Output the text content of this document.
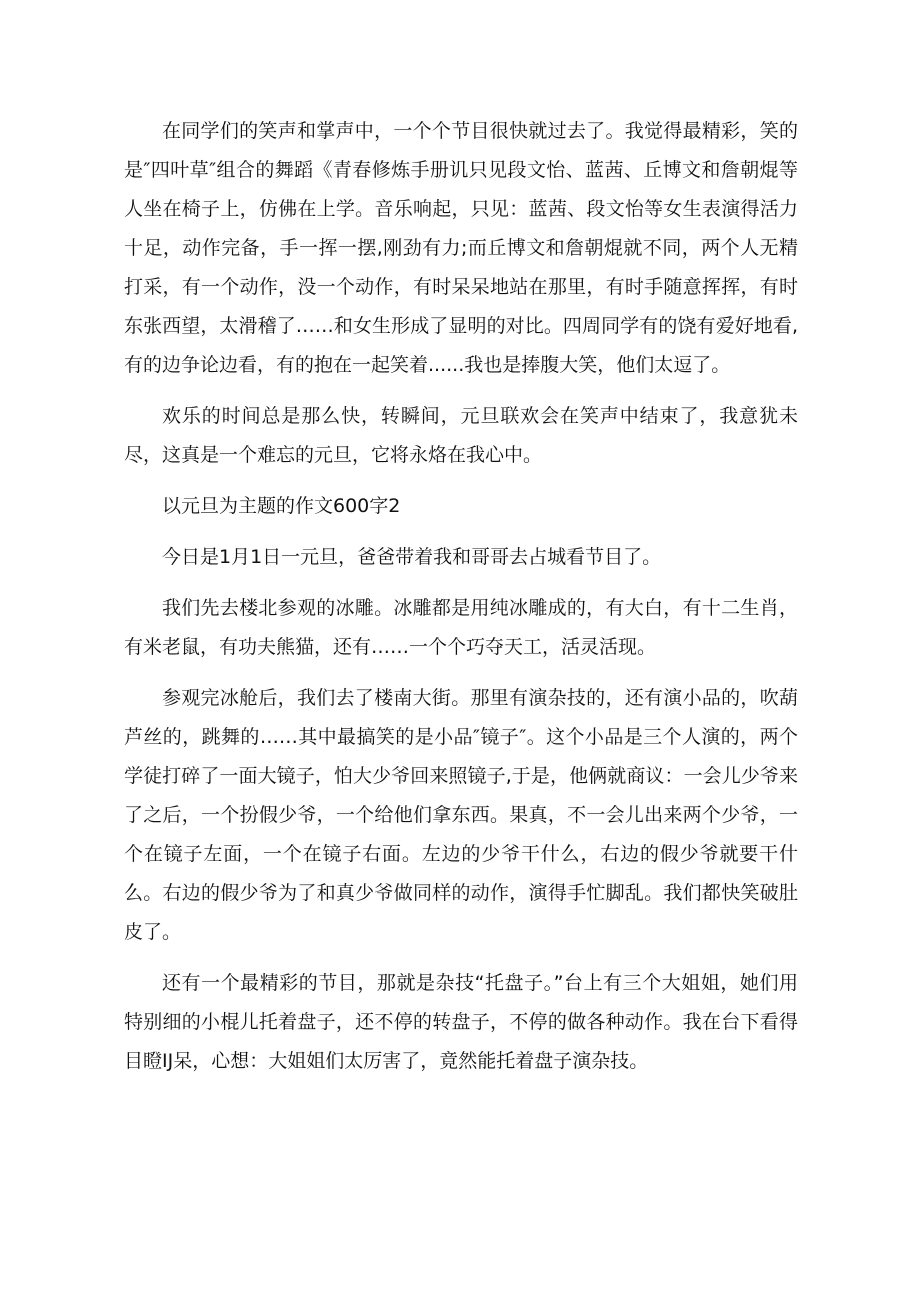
在同学们的笑声和掌声中，一个个节目很快就过去了。我觉得最精彩，笑的是″四叶草″组合的舞蹈《青春修炼手册讥只见段文怡、蓝茜、丘博文和詹朝焜等人坐在椅子上，仿佛在上学。音乐响起，只见：蓝茜、段文怡等女生表演得活力十足，动作完备，手一挥一摆,刚劲有力;而丘博文和詹朝焜就不同，两个人无精打采，有一个动作，没一个动作，有时呆呆地站在那里，有时手随意挥挥，有时东张西望，太滑稽了……和女生形成了显明的对比。四周同学有的饶有爱好地看,有的边争论边看，有的抱在一起笑着......我也是捧腹大笑，他们太逗了。

欢乐的时间总是那么快，转瞬间，元旦联欢会在笑声中结束了，我意犹未尽，这真是一个难忘的元旦，它将永烙在我心中。

以元旦为主题的作文600字2

今日是1月1日一元旦，爸爸带着我和哥哥去占城看节目了。

我们先去楼北参观的冰雕。冰雕都是用纯冰雕成的，有大白，有十二生肖，有米老鼠，有功夫熊猫，还有……一个个巧夺天工，活灵活现。

参观完冰舱后，我们去了楼南大街。那里有演杂技的，还有演小品的，吹葫芦丝的，跳舞的……其中最搞笑的是小品″镜子″。这个小品是三个人演的，两个学徒打碎了一面大镜子，怕大少爷回来照镜子,于是，他俩就商议：一会儿少爷来了之后，一个扮假少爷，一个给他们拿东西。果真，不一会儿出来两个少爷，一个在镜子左面，一个在镜子右面。左边的少爷干什么，右边的假少爷就要干什么。右边的假少爷为了和真少爷做同样的动作，演得手忙脚乱。我们都快笑破肚皮了。

还有一个最精彩的节目，那就是杂技“托盘子。”台上有三个大姐姐，她们用特别细的小棍儿托着盘子，还不停的转盘子，不停的做各种动作。我在台下看得目瞪IJ呆，心想：大姐姐们太厉害了，竟然能托着盘子演杂技。
